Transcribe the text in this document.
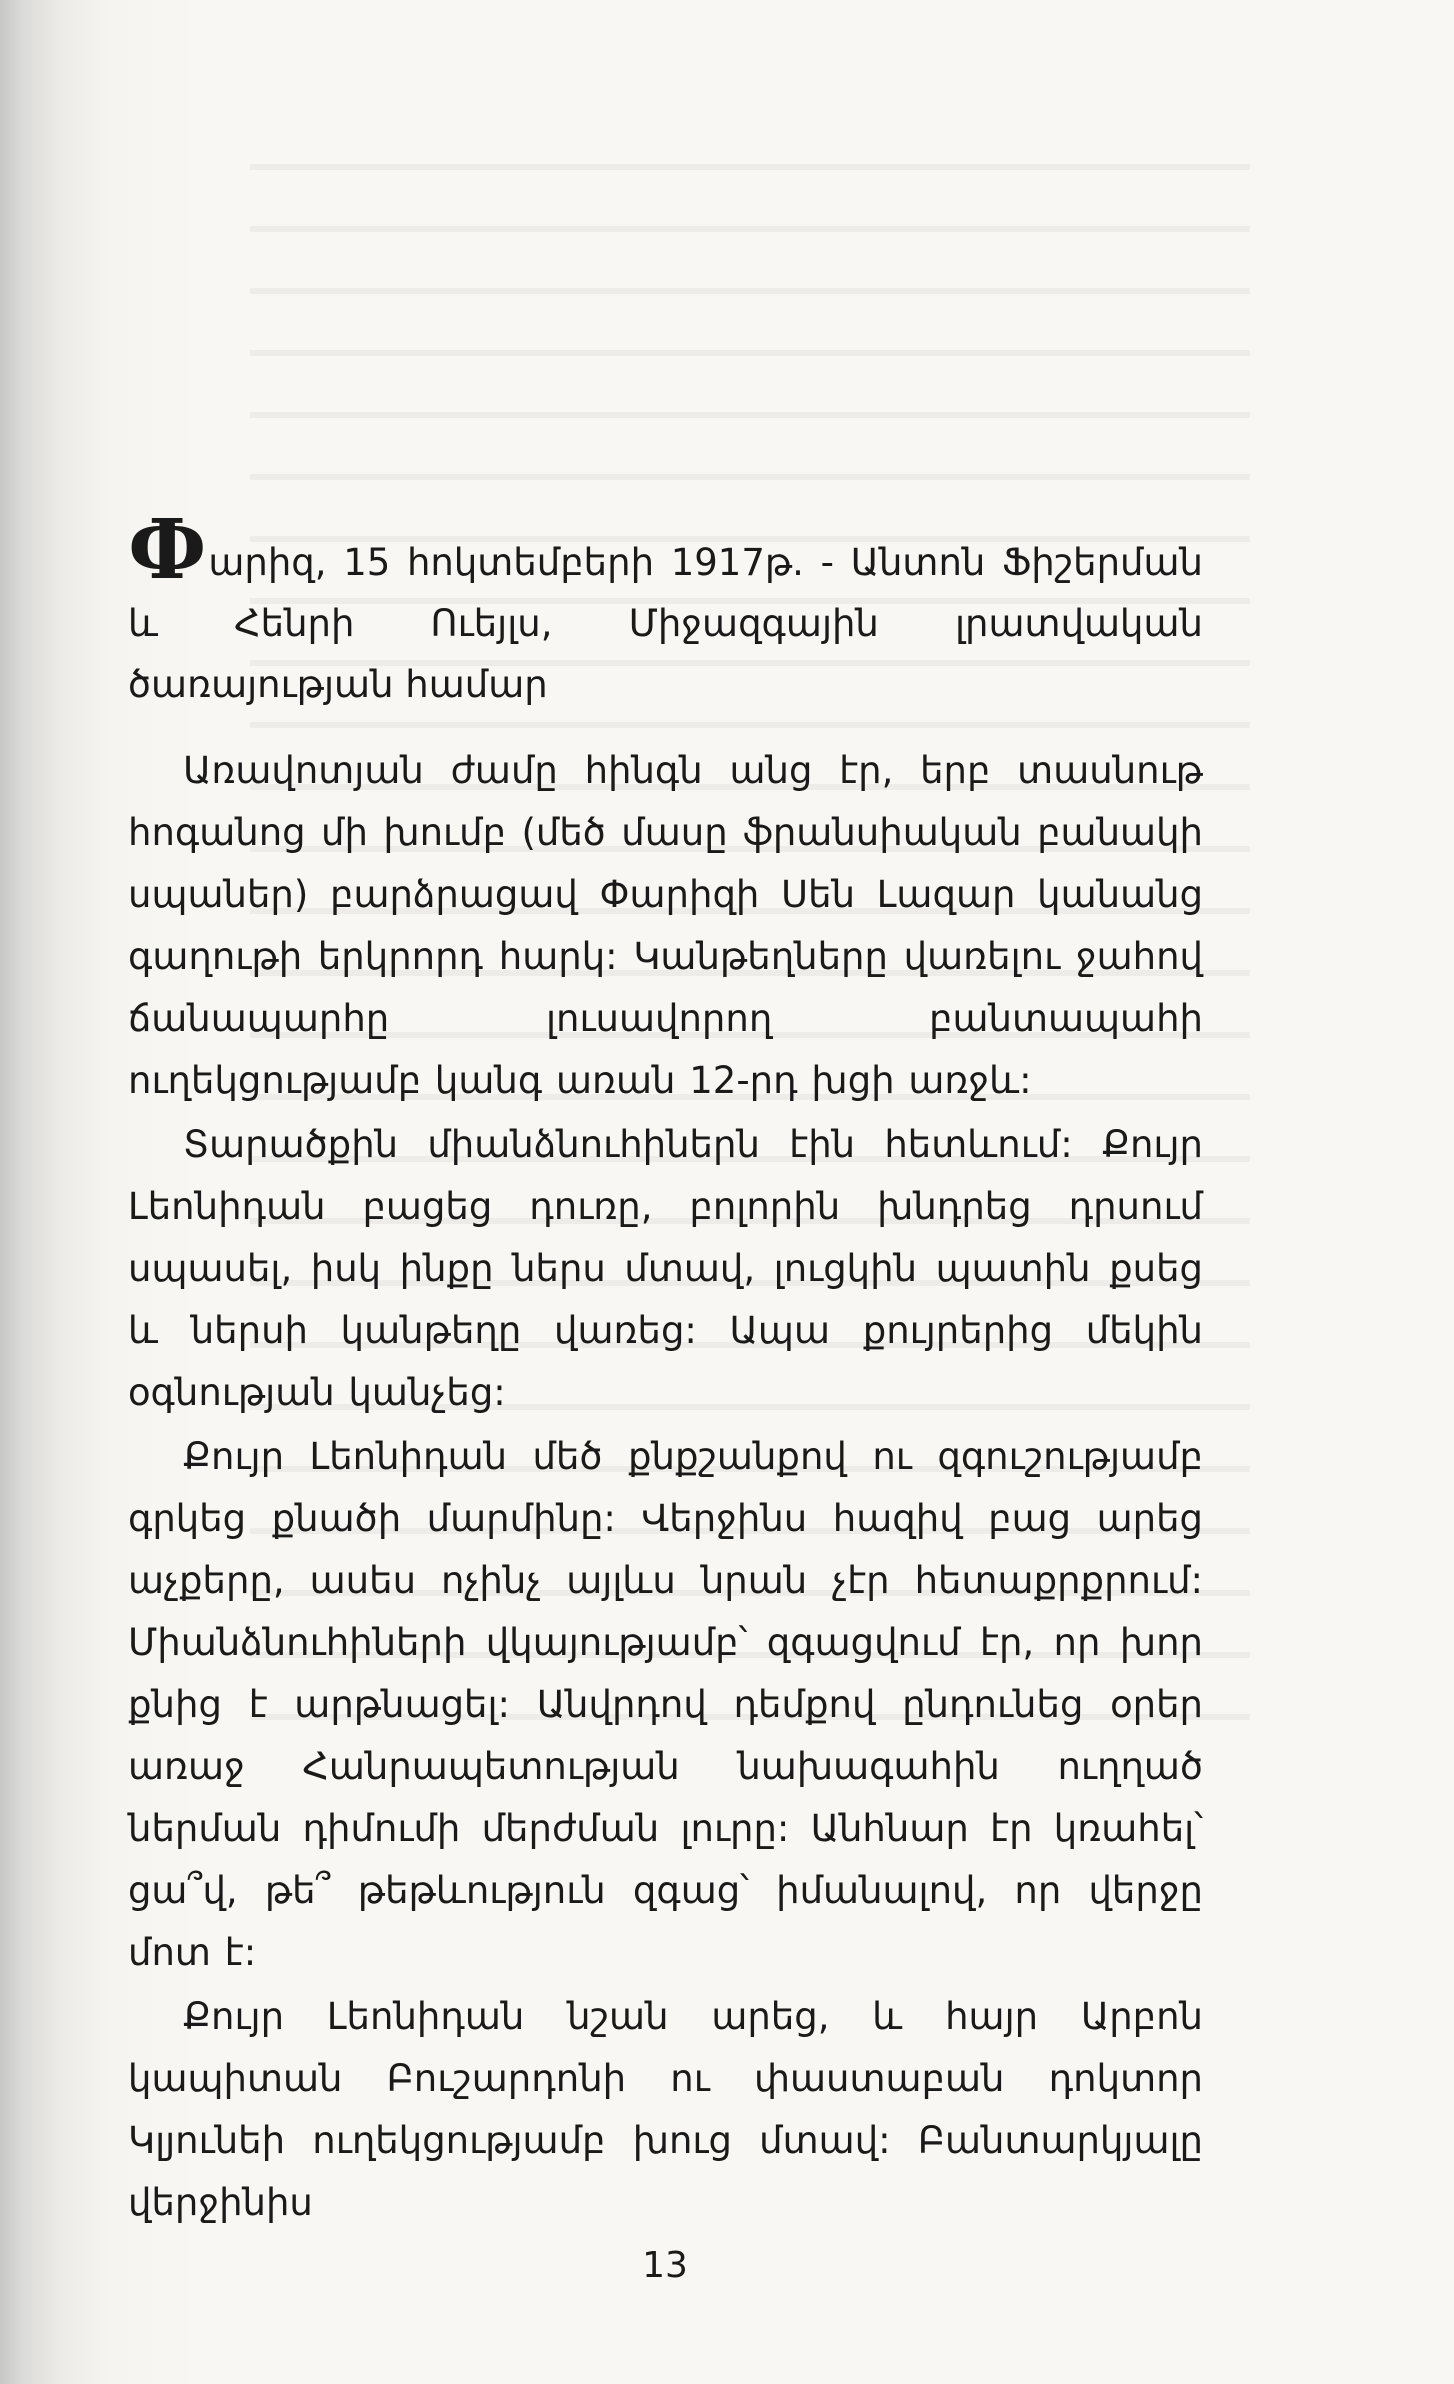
Փարիզ, 15 հոկտեմբերի 1917թ. - Անտոն Ֆիշերման և Հենրի Ուեյլս, Միջազգային լրատվական ծառայության համար

Առավոտյան ժամը հինգն անց էր, երբ տասնութ հոգանոց մի խումբ (մեծ մասը ֆրանսիական բանակի սպաներ) բարձրացավ Փարիզի Սեն Լազար կանանց գաղութի երկրորդ հարկ: Կանթեղները վառելու ջահով ճանապարհը լուսավորող բանտապահի ուղեկցությամբ կանգ առան 12-րդ խցի առջև:

Տարածքին միանձնուհիներն էին հետևում: Քույր Լեոնիդան բացեց դուռը, բոլորին խնդրեց դրսում սպասել, իսկ ինքը ներս մտավ, լուցկին պատին քսեց և ներսի կանթեղը վառեց: Ապա քույրերից մեկին օգնության կանչեց:

Քույր Լեոնիդան մեծ քնքշանքով ու զգուշությամբ գրկեց քնածի մարմինը: Վերջինս հազիվ բաց արեց աչքերը, ասես ոչինչ այլևս նրան չէր հետաքրքրում: Միանձնուհիների վկայությամբ՝ զգացվում էր, որ խոր քնից է արթնացել: Անվրդով դեմքով ընդունեց օրեր առաջ Հանրապետության նախագահին ուղղած ներման դիմումի մերժման լուրը: Անհնար էր կռահել՝ ցա՞վ, թե՞ թեթևություն զգաց՝ իմանալով, որ վերջը մոտ է:

Քույր Լեոնիդան նշան արեց, և հայր Արբոն կապիտան Բուշարդոնի ու փաստաբան դոկտոր Կլյունեի ուղեկցությամբ խուց մտավ: Բանտարկյալը վերջինիս

13
